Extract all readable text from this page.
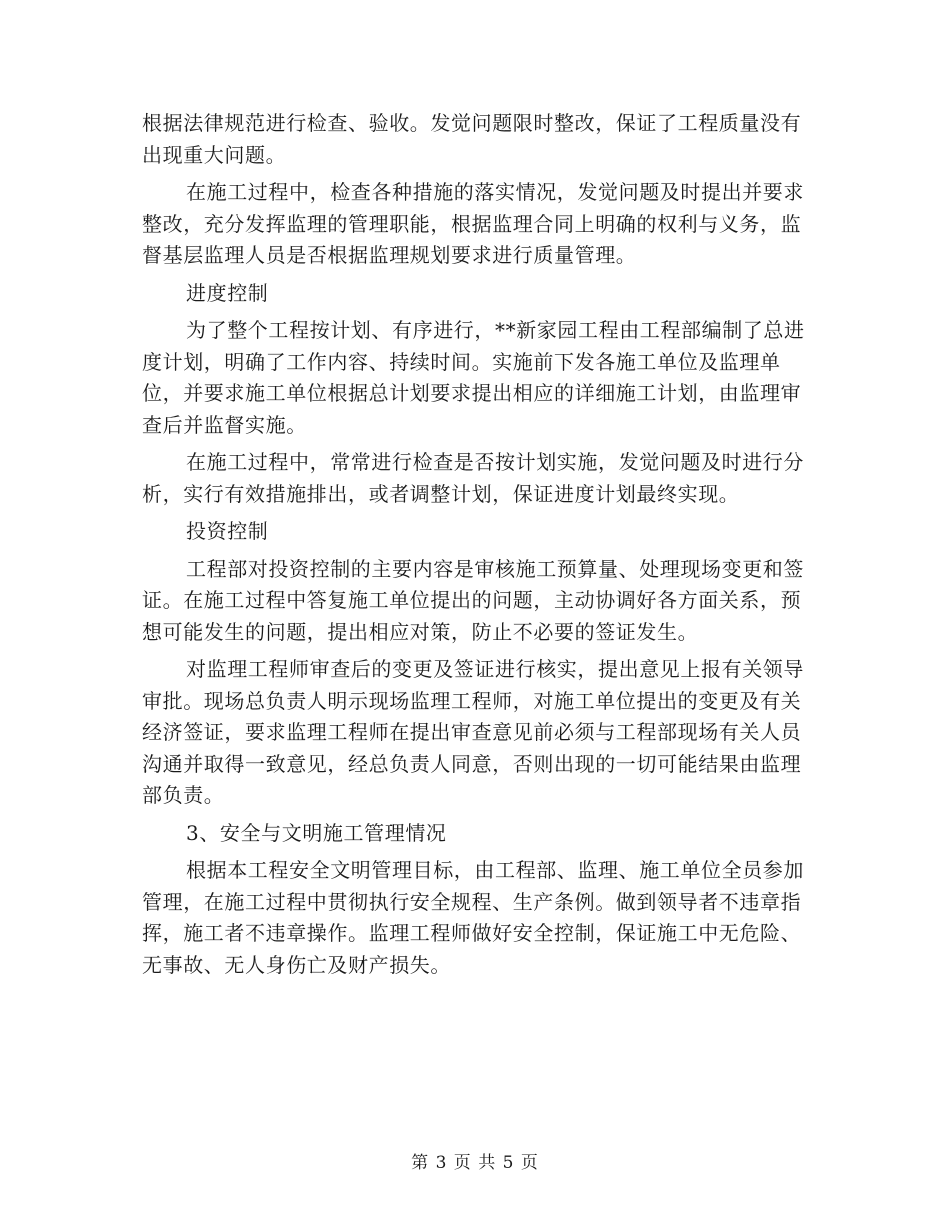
根据法律规范进行检查、验收。发觉问题限时整改，保证了工程质量没有出现重大问题。

在施工过程中，检查各种措施的落实情况，发觉问题及时提出并要求整改，充分发挥监理的管理职能，根据监理合同上明确的权利与义务，监督基层监理人员是否根据监理规划要求进行质量管理。

进度控制

为了整个工程按计划、有序进行，**新家园工程由工程部编制了总进度计划，明确了工作内容、持续时间。实施前下发各施工单位及监理单位，并要求施工单位根据总计划要求提出相应的详细施工计划，由监理审查后并监督实施。

在施工过程中，常常进行检查是否按计划实施，发觉问题及时进行分析，实行有效措施排出，或者调整计划，保证进度计划最终实现。

投资控制

工程部对投资控制的主要内容是审核施工预算量、处理现场变更和签证。在施工过程中答复施工单位提出的问题，主动协调好各方面关系，预想可能发生的问题，提出相应对策，防止不必要的签证发生。

对监理工程师审查后的变更及签证进行核实，提出意见上报有关领导审批。现场总负责人明示现场监理工程师，对施工单位提出的变更及有关经济签证，要求监理工程师在提出审查意见前必须与工程部现场有关人员沟通并取得一致意见，经总负责人同意，否则出现的一切可能结果由监理部负责。

3、安全与文明施工管理情况

根据本工程安全文明管理目标，由工程部、监理、施工单位全员参加管理，在施工过程中贯彻执行安全规程、生产条例。做到领导者不违章指挥，施工者不违章操作。监理工程师做好安全控制，保证施工中无危险、无事故、无人身伤亡及财产损失。

第 3 页 共 5 页
